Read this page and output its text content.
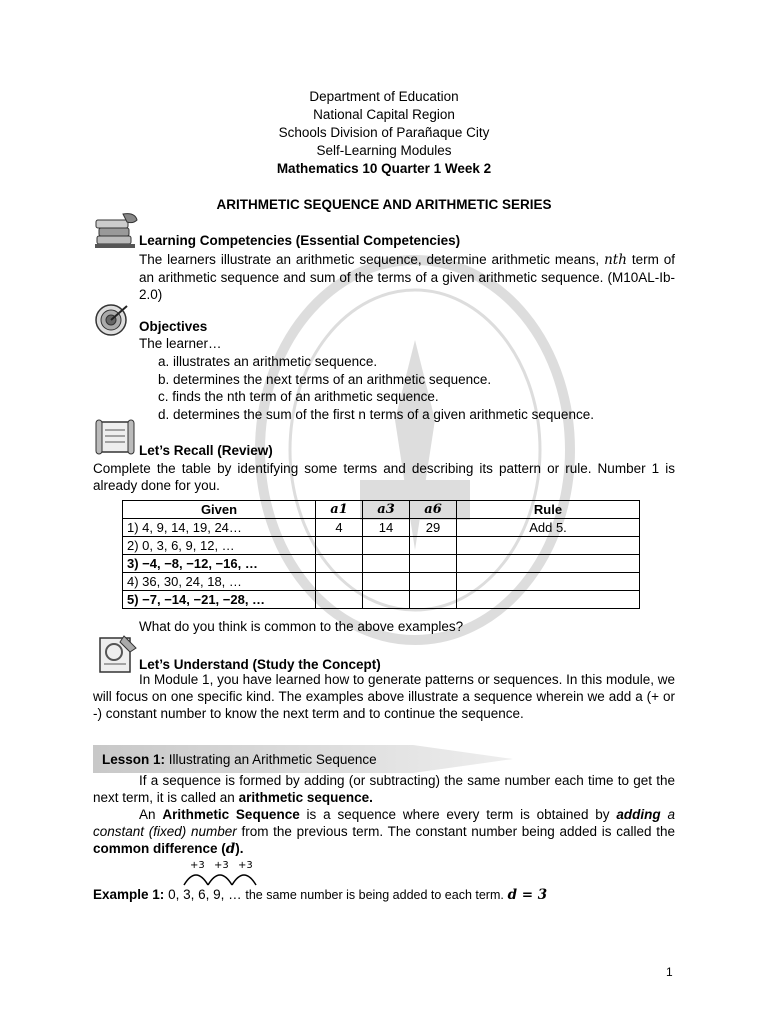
Department of Education
National Capital Region
Schools Division of Parañaque City
Self-Learning Modules
Mathematics 10 Quarter 1 Week 2
ARITHMETIC SEQUENCE AND ARITHMETIC SERIES
Learning Competencies (Essential Competencies)
The learners illustrate an arithmetic sequence, determine arithmetic means, nth term of an arithmetic sequence and sum of the terms of a given arithmetic sequence. (M10AL-Ib-2.0)
Objectives
The learner…
a. illustrates an arithmetic sequence.
b. determines the next terms of an arithmetic sequence.
c. finds the nth term of an arithmetic sequence.
d. determines the sum of the first n terms of a given arithmetic sequence.
Let’s Recall (Review)
Complete the table by identifying some terms and describing its pattern or rule. Number 1 is already done for you.
Given	a1	a3	a6	Rule
1) 4, 9, 14, 19, 24…	4	14	29	Add 5.
2) 0, 3, 6, 9, 12, …				
3) −4, −8, −12, −16, …				
4) 36, 30, 24, 18, …				
5) −7, −14, −21, −28, …				
What do you think is common to the above examples?
Let’s Understand (Study the Concept)
In Module 1, you have learned how to generate patterns or sequences. In this module, we will focus on one specific kind. The examples above illustrate a sequence wherein we add a (+ or -) constant number to know the next term and to continue the sequence.
Lesson 1: Illustrating an Arithmetic Sequence
If a sequence is formed by adding (or subtracting) the same number each time to get the next term, it is called an arithmetic sequence.
An Arithmetic Sequence is a sequence where every term is obtained by adding a constant (fixed) number from the previous term. The constant number being added is called the common difference (d).
+3 +3 +3
Example 1: 0, 3, 6, 9, … the same number is being added to each term. d = 3
1
